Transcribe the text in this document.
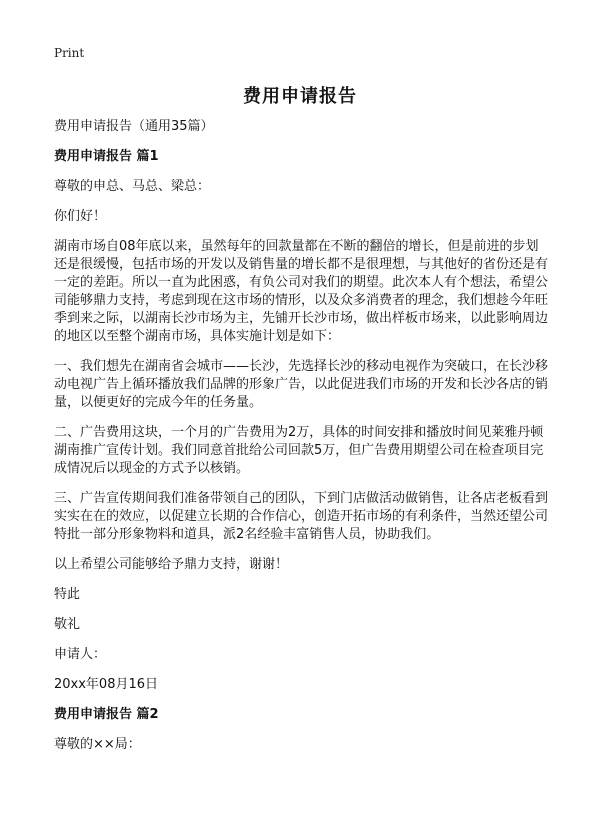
Print
费用申请报告

费用申请报告（通用35篇）

费用申请报告 篇1

尊敬的申总、马总、梁总：

你们好！

湖南市场自08年底以来，虽然每年的回款量都在不断的翻倍的增长，但是前进的步划还是很缓慢，包括市场的开发以及销售量的增长都不是很理想，与其他好的省份还是有一定的差距。所以一直为此困惑，有负公司对我们的期望。此次本人有个想法，希望公司能够鼎力支持，考虑到现在这市场的情形，以及众多消费者的理念，我们想趁今年旺季到来之际，以湖南长沙市场为主，先铺开长沙市场，做出样板市场来，以此影响周边的地区以至整个湖南市场，具体实施计划是如下：

一、我们想先在湖南省会城市——长沙，先选择长沙的移动电视作为突破口，在长沙移动电视广告上循环播放我们品牌的形象广告，以此促进我们市场的开发和长沙各店的销量，以便更好的完成今年的任务量。

二、广告费用这块，一个月的广告费用为2万，具体的时间安排和播放时间见莱雅丹顿湖南推广宣传计划。我们同意首批给公司回款5万，但广告费用期望公司在检查项目完成情况后以现金的方式予以核销。

三、广告宣传期间我们准备带领自己的团队，下到门店做活动做销售，让各店老板看到实实在在的效应，以促建立长期的合作信心，创造开拓市场的有利条件，当然还望公司特批一部分形象物料和道具，派2名经验丰富销售人员，协助我们。

以上希望公司能够给予鼎力支持，谢谢！

特此

敬礼

申请人：

20xx年08月16日

费用申请报告 篇2

尊敬的××局：
